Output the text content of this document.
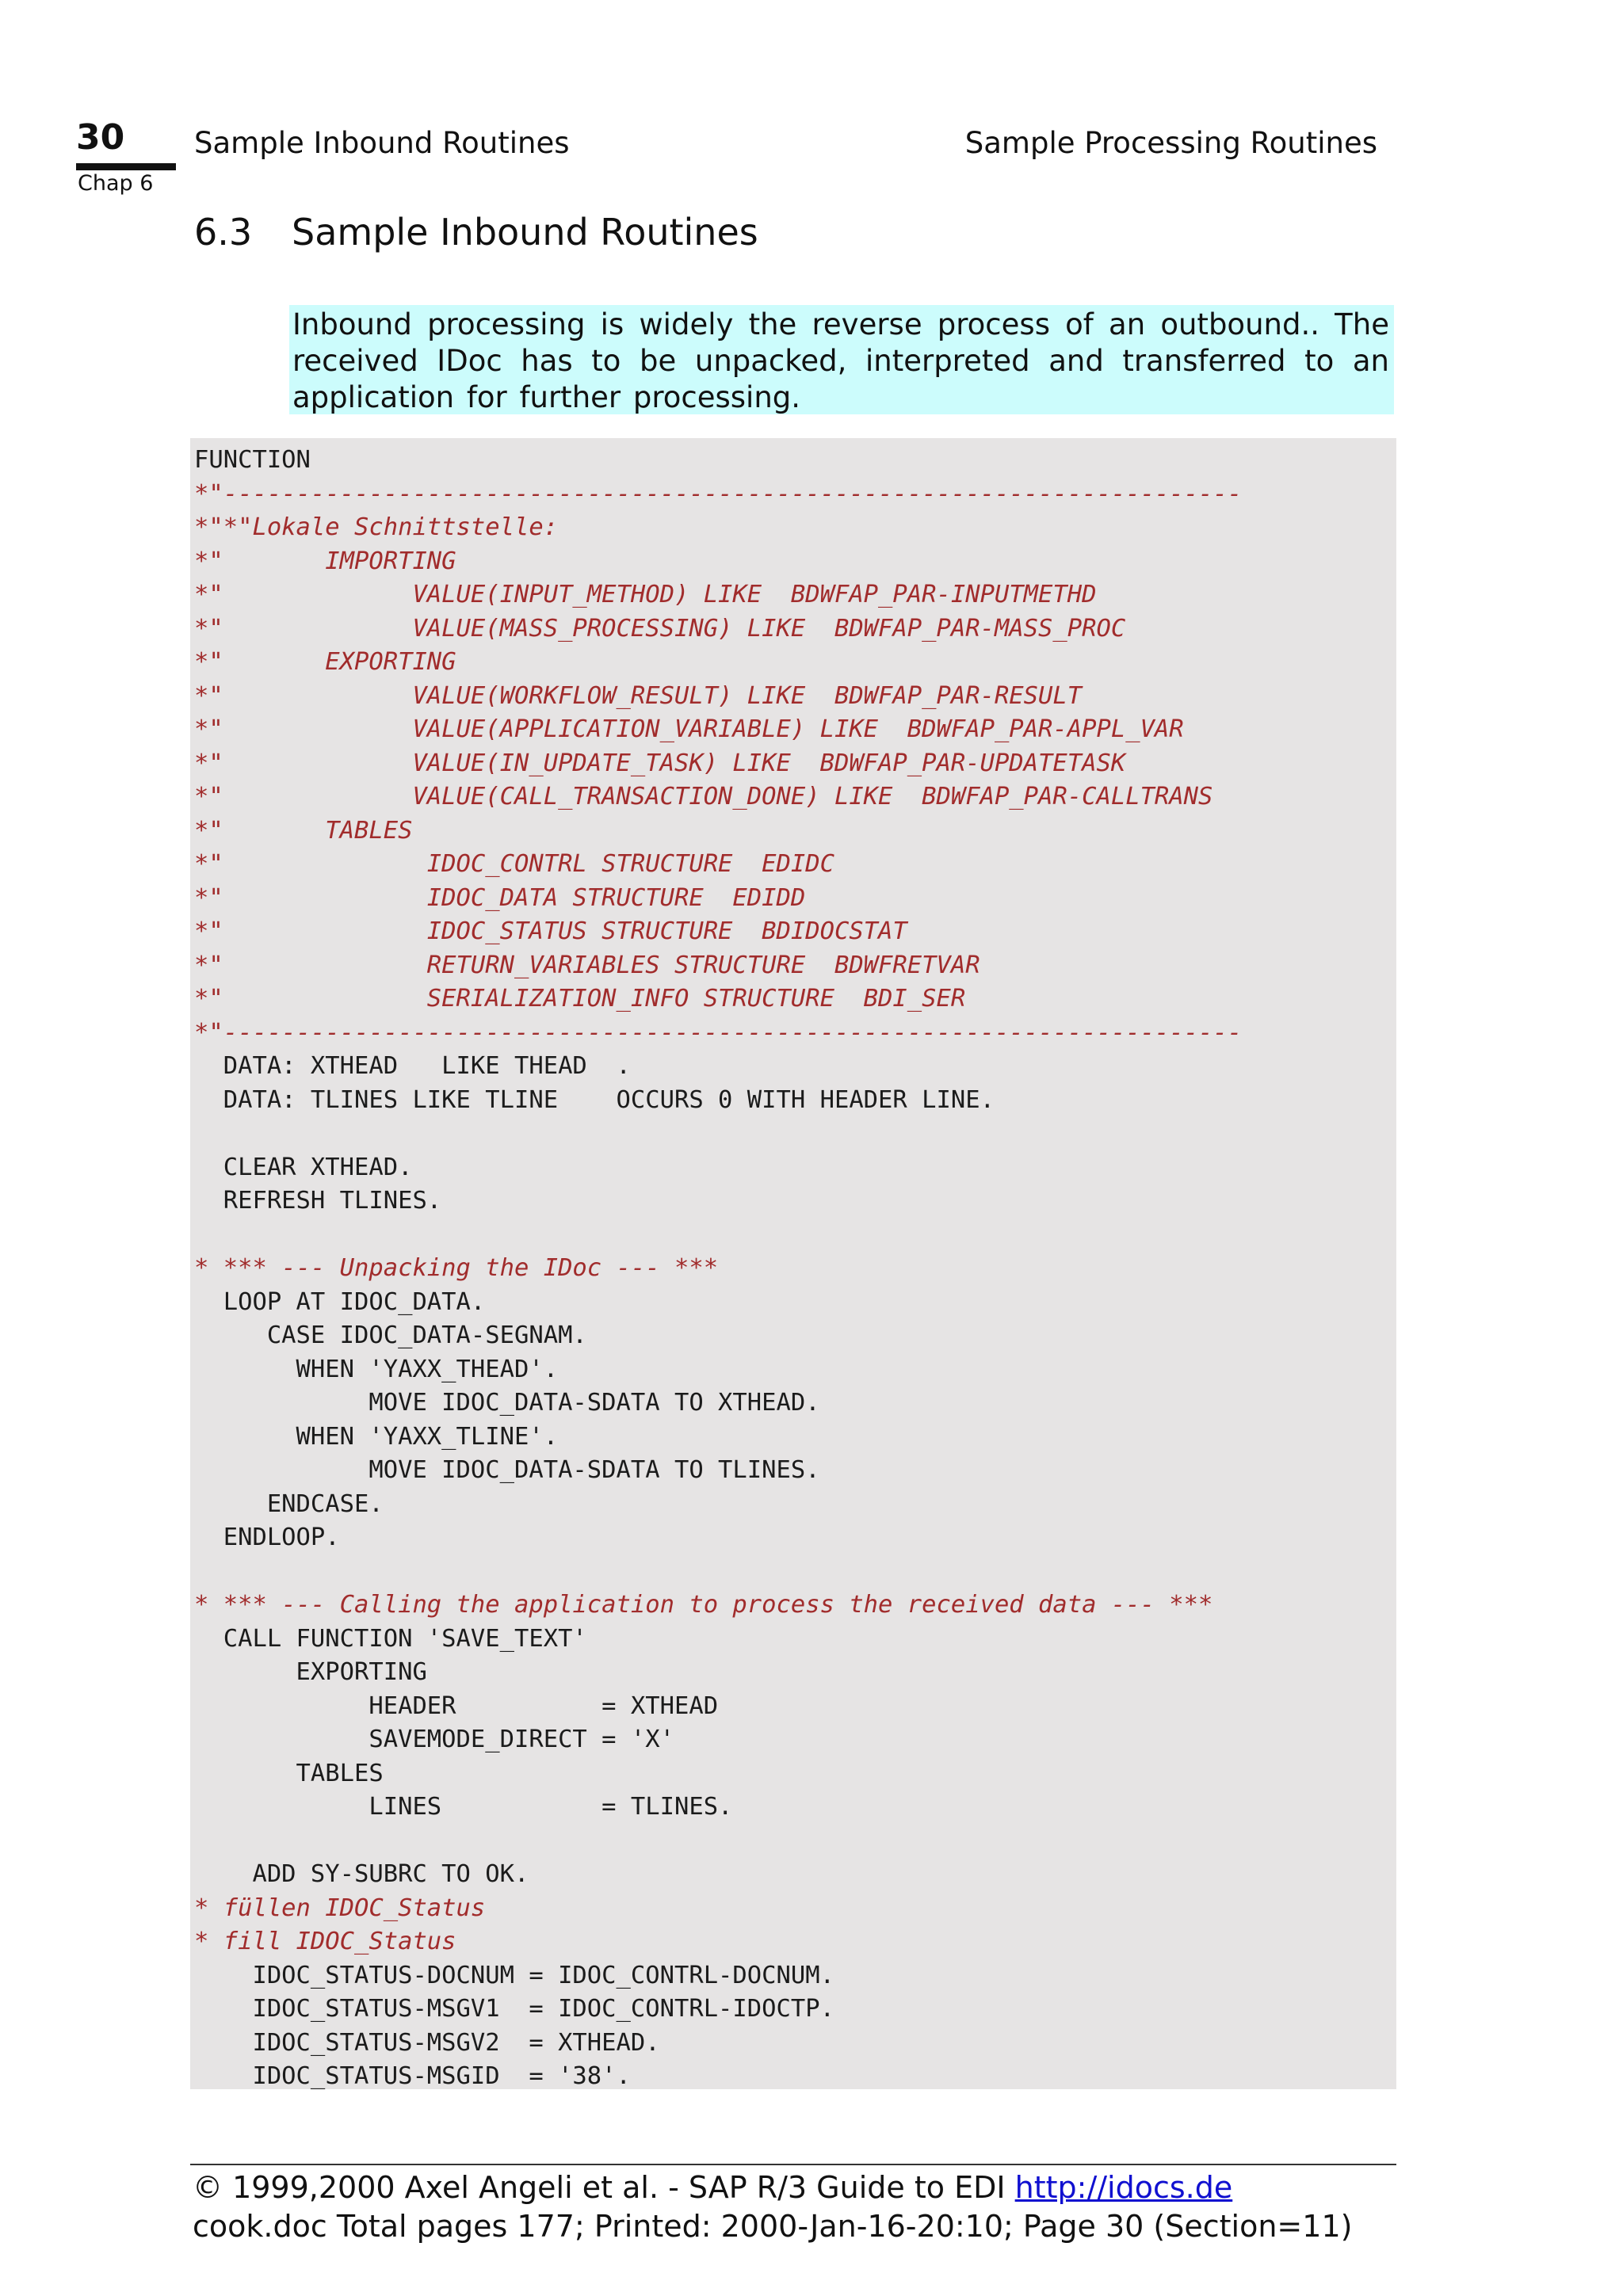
30
Chap 6
Sample Inbound Routines	Sample Processing Routines
6.3 Sample Inbound Routines
Inbound processing is widely the reverse process of an outbound.. The received IDoc has to be unpacked, interpreted and transferred to an application for further processing.
FUNCTION
*"----------------------------------------------------------------------
*"*"Lokale Schnittstelle:
*"       IMPORTING
*"             VALUE(INPUT_METHOD) LIKE  BDWFAP_PAR-INPUTMETHD
*"             VALUE(MASS_PROCESSING) LIKE  BDWFAP_PAR-MASS_PROC
*"       EXPORTING
*"             VALUE(WORKFLOW_RESULT) LIKE  BDWFAP_PAR-RESULT
*"             VALUE(APPLICATION_VARIABLE) LIKE  BDWFAP_PAR-APPL_VAR
*"             VALUE(IN_UPDATE_TASK) LIKE  BDWFAP_PAR-UPDATETASK
*"             VALUE(CALL_TRANSACTION_DONE) LIKE  BDWFAP_PAR-CALLTRANS
*"       TABLES
*"              IDOC_CONTRL STRUCTURE  EDIDC
*"              IDOC_DATA STRUCTURE  EDIDD
*"              IDOC_STATUS STRUCTURE  BDIDOCSTAT
*"              RETURN_VARIABLES STRUCTURE  BDWFRETVAR
*"              SERIALIZATION_INFO STRUCTURE  BDI_SER
*"----------------------------------------------------------------------
DATA: XTHEAD   LIKE THEAD  .
DATA: TLINES LIKE TLINE    OCCURS 0 WITH HEADER LINE.
CLEAR XTHEAD.
REFRESH TLINES.
* *** --- Unpacking the IDoc --- ***
LOOP AT IDOC_DATA.
CASE IDOC_DATA-SEGNAM.
WHEN 'YAXX_THEAD'.
MOVE IDOC_DATA-SDATA TO XTHEAD.
WHEN 'YAXX_TLINE'.
MOVE IDOC_DATA-SDATA TO TLINES.
ENDCASE.
ENDLOOP.
* *** --- Calling the application to process the received data --- ***
CALL FUNCTION 'SAVE_TEXT'
EXPORTING
HEADER          = XTHEAD
SAVEMODE_DIRECT = 'X'
TABLES
LINES           = TLINES.
ADD SY-SUBRC TO OK.
* füllen IDOC_Status
* fill IDOC_Status
IDOC_STATUS-DOCNUM = IDOC_CONTRL-DOCNUM.
IDOC_STATUS-MSGV1  = IDOC_CONTRL-IDOCTP.
IDOC_STATUS-MSGV2  = XTHEAD.
IDOC_STATUS-MSGID  = '38'.
© 1999,2000 Axel Angeli et al. - SAP R/3 Guide to EDI http://idocs.de
cook.doc Total pages 177; Printed: 2000-Jan-16-20:10; Page 30 (Section=11)
